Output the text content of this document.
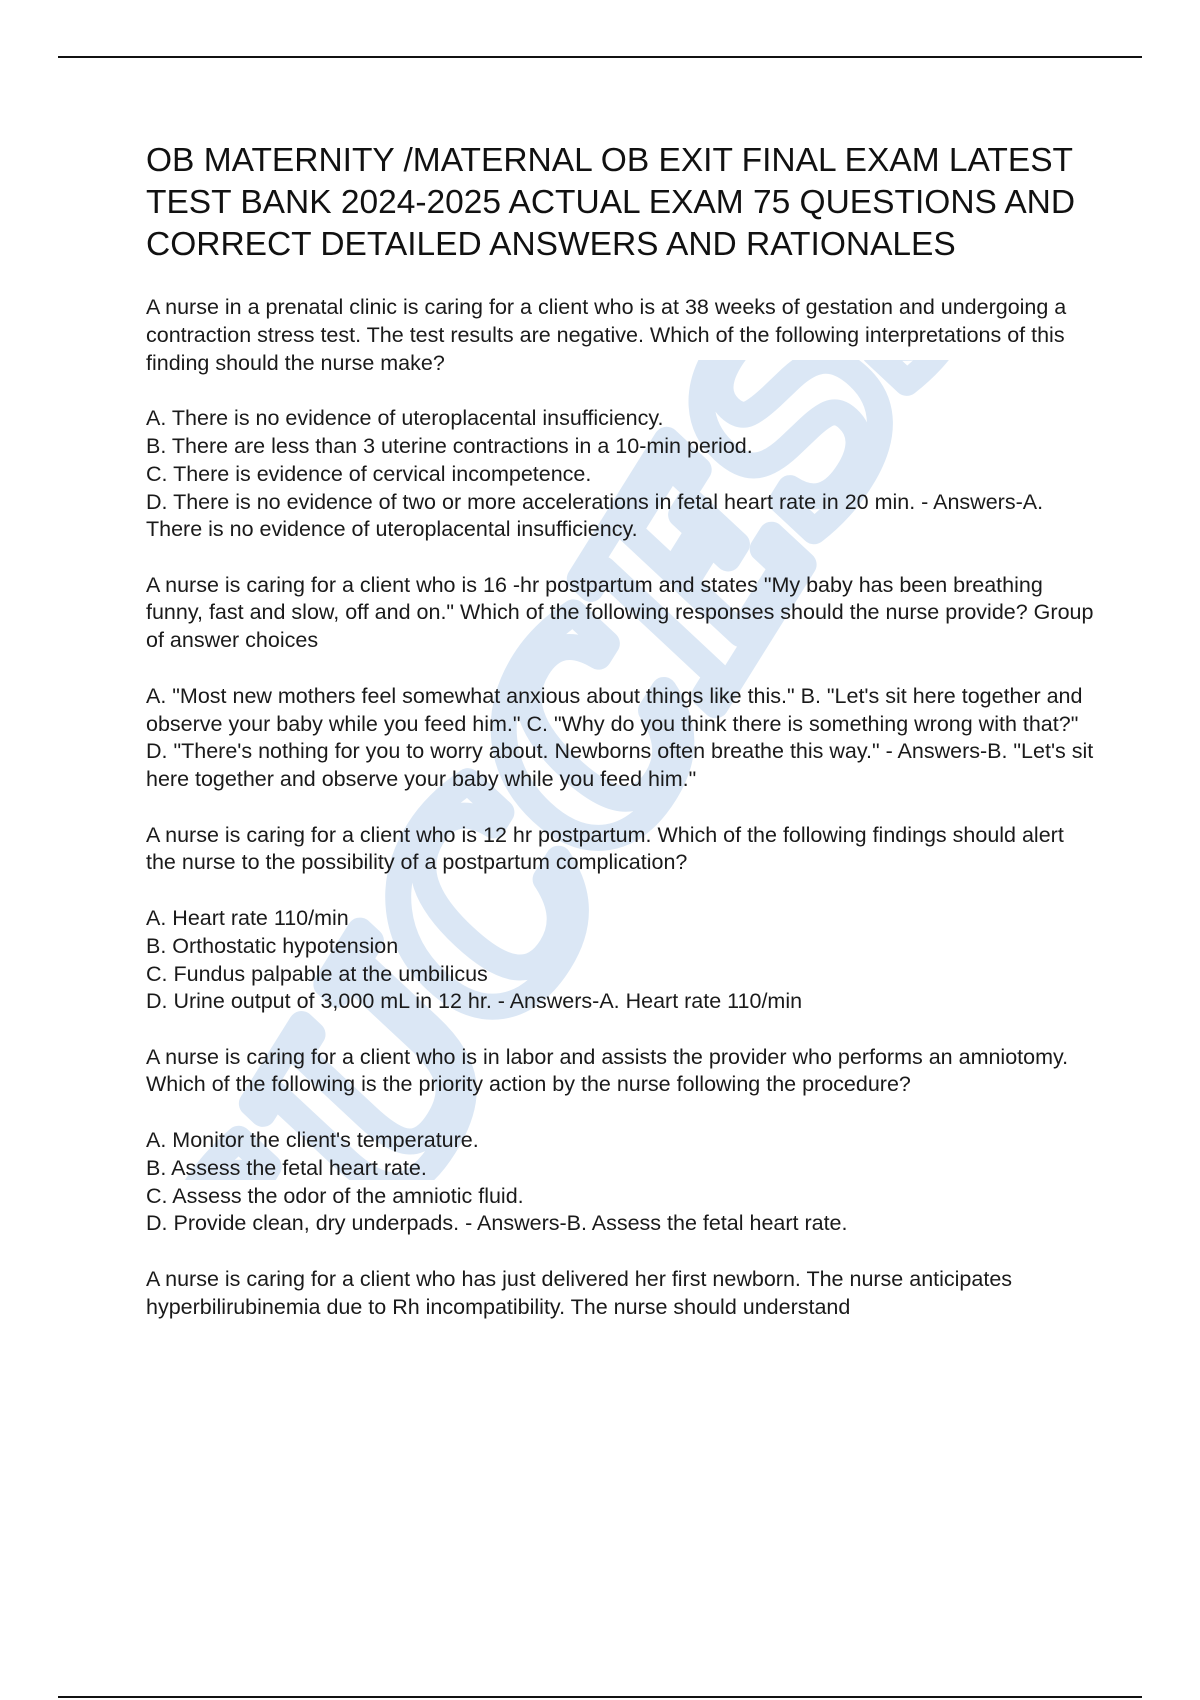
SUCCESS
OB MATERNITY /MATERNAL OB EXIT FINAL EXAM LATEST TEST BANK 2024-2025 ACTUAL EXAM 75 QUESTIONS AND CORRECT DETAILED ANSWERS AND RATIONALES

A nurse in a prenatal clinic is caring for a client who is at 38 weeks of gestation and undergoing a contraction stress test. The test results are negative. Which of the following interpretations of this finding should the nurse make?

A. There is no evidence of uteroplacental insufficiency.
B. There are less than 3 uterine contractions in a 10-min period.
C. There is evidence of cervical incompetence.
D. There is no evidence of two or more accelerations in fetal heart rate in 20 min. - Answers-A. There is no evidence of uteroplacental insufficiency.

A nurse is caring for a client who is 16 -hr postpartum and states "My baby has been breathing funny, fast and slow, off and on." Which of the following responses should the nurse provide? Group of answer choices

A. "Most new mothers feel somewhat anxious about things like this." B. "Let's sit here together and observe your baby while you feed him." C. "Why do you think there is something wrong with that?"
D. "There's nothing for you to worry about. Newborns often breathe this way." - Answers-B. "Let's sit here together and observe your baby while you feed him."

A nurse is caring for a client who is 12 hr postpartum. Which of the following findings should alert the nurse to the possibility of a postpartum complication?

A. Heart rate 110/min
B. Orthostatic hypotension
C. Fundus palpable at the umbilicus
D. Urine output of 3,000 mL in 12 hr. - Answers-A. Heart rate 110/min

A nurse is caring for a client who is in labor and assists the provider who performs an amniotomy. Which of the following is the priority action by the nurse following the procedure?

A. Monitor the client's temperature.
B. Assess the fetal heart rate.
C. Assess the odor of the amniotic fluid.
D. Provide clean, dry underpads. - Answers-B. Assess the fetal heart rate.

A nurse is caring for a client who has just delivered her first newborn. The nurse anticipates hyperbilirubinemia due to Rh incompatibility. The nurse should understand
